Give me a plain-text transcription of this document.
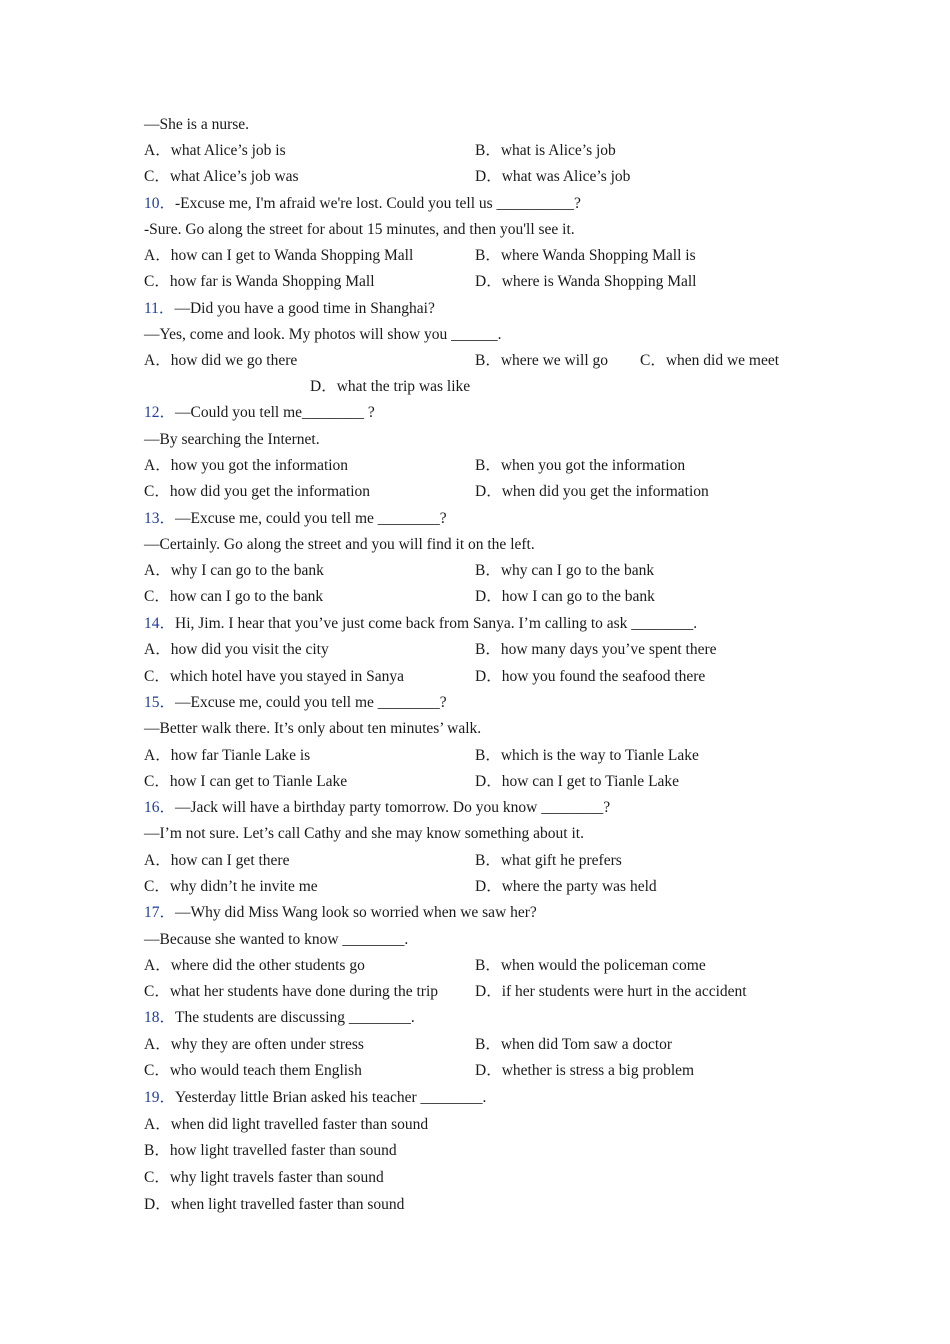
—She is a nurse.
A．what Alice’s job is	B．what is Alice’s job
C．what Alice’s job was	D．what was Alice’s job
10．-Excuse me, I'm afraid we're lost. Could you tell us __________?
-Sure. Go along the street for about 15 minutes, and then you'll see it.
A．how can I get to Wanda Shopping Mall	B．where Wanda Shopping Mall is
C．how far is Wanda Shopping Mall	D．where is Wanda Shopping Mall
11．—Did you have a good time in Shanghai?
—Yes, come and look. My photos will show you ______.
A．how did we go there	B．where we will go C．when did we meet
D．what the trip was like
12．—Could you tell me________ ?
—By searching the Internet.
A．how you got the information	B．when you got the information
C．how did you get the information	D．when did you get the information
13．—Excuse me, could you tell me ________?
—Certainly. Go along the street and you will find it on the left.
A．why I can go to the bank	B．why can I go to the bank
C．how can I go to the bank	D．how I can go to the bank
14．Hi, Jim. I hear that you’ve just come back from Sanya. I’m calling to ask ________.
A．how did you visit the city	B．how many days you’ve spent there
C．which hotel have you stayed in Sanya	D．how you found the seafood there
15．—Excuse me, could you tell me ________?
—Better walk there. It’s only about ten minutes’ walk.
A．how far Tianle Lake is	B．which is the way to Tianle Lake
C．how I can get to Tianle Lake	D．how can I get to Tianle Lake
16．—Jack will have a birthday party tomorrow. Do you know ________?
—I’m not sure. Let’s call Cathy and she may know something about it.
A．how can I get there	B．what gift he prefers
C．why didn’t he invite me	D．where the party was held
17．—Why did Miss Wang look so worried when we saw her?
—Because she wanted to know ________.
A．where did the other students go	B．when would the policeman come
C．what her students have done during the trip D．if her students were hurt in the accident
18．The students are discussing ________.
A．why they are often under stress	B．when did Tom saw a doctor
C．who would teach them English	D．whether is stress a big problem
19．Yesterday little Brian asked his teacher ________.
A．when did light travelled faster than sound
B．how light travelled faster than sound
C．why light travels faster than sound
D．when light travelled faster than sound
